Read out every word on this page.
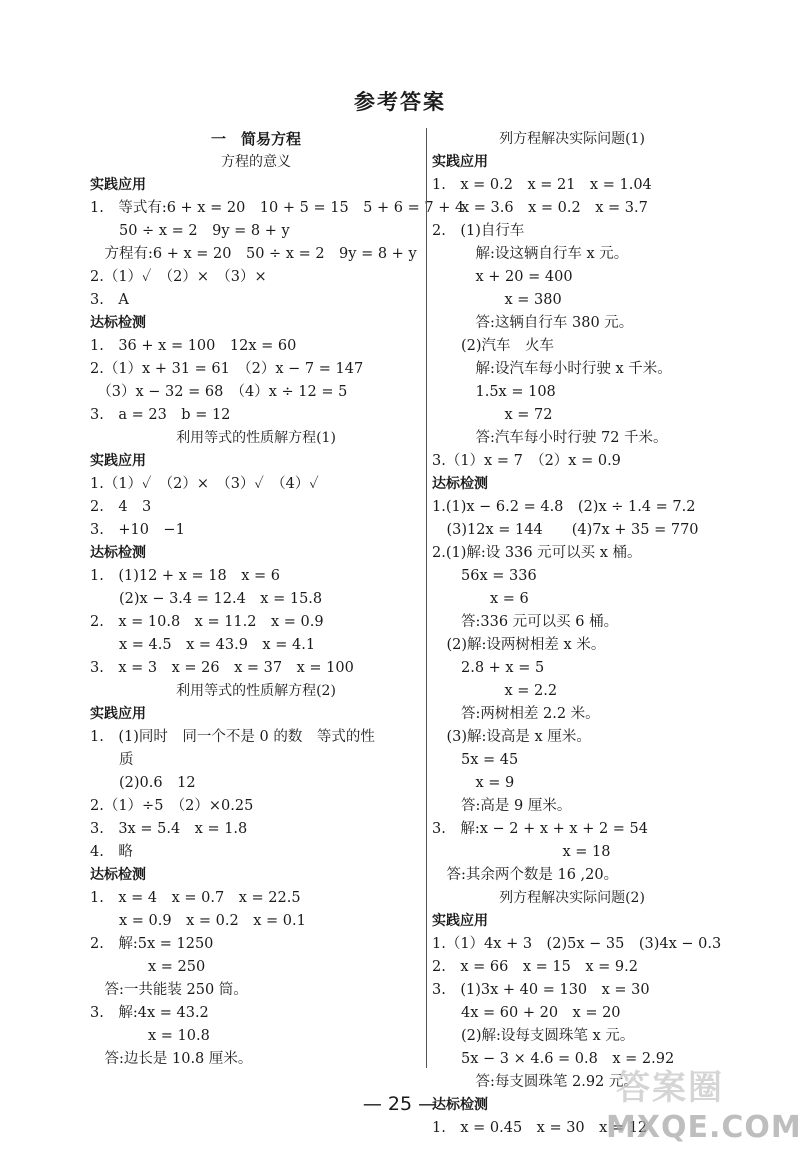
参考答案
一　简易方程
方程的意义
实践应用
1.　等式有:6 + x = 20　10 + 5 = 15　5 + 6 = 7 + 4
　　50 ÷ x = 2　9y = 8 + y
　方程有:6 + x = 20　50 ÷ x = 2　9y = 8 + y
2.（1）✓　（2）×　（3）×
3.　A
达标检测
1.　36 + x = 100　12x = 60
2.（1）x + 31 = 61　（2）x − 7 = 147
　（3）x − 32 = 68　（4）x ÷ 12 = 5
3.　a = 23　b = 12
利用等式的性质解方程(1)
实践应用
1.（1）✓　（2）×　（3）✓　（4）✓
2.　4　3
3.　+10　−1
达标检测
1.　(1)12 + x = 18　x = 6
　　(2)x − 3.4 = 12.4　x = 15.8
2.　x = 10.8　x = 11.2　x = 0.9
　　x = 4.5　x = 43.9　x = 4.1
3.　x = 3　x = 26　x = 37　x = 100
利用等式的性质解方程(2)
实践应用
1.　(1)同时　同一个不是 0 的数　等式的性
　　质
　　(2)0.6　12
2.（1）÷5　（2）×0.25
3.　3x = 5.4　x = 1.8
4.　略
达标检测
1.　x = 4　x = 0.7　x = 22.5
　　x = 0.9　x = 0.2　x = 0.1
2.　解:5x = 1250
　　　　x = 250
　答:一共能装 250 筒。
3.　解:4x = 43.2
　　　　x = 10.8
　答:边长是 10.8 厘米。
列方程解决实际问题(1)
实践应用
1.　x = 0.2　x = 21　x = 1.04
　　x = 3.6　x = 0.2　x = 3.7
2.　(1)自行车
　　　解:设这辆自行车 x 元。
　　　x + 20 = 400
　　　　　x = 380
　　　答:这辆自行车 380 元。
　　(2)汽车　火车
　　　解:设汽车每小时行驶 x 千米。
　　　1.5x = 108
　　　　　x = 72
　　　答:汽车每小时行驶 72 千米。
3.（1）x = 7　（2）x = 0.9
达标检测
1.(1)x − 6.2 = 4.8　(2)x ÷ 1.4 = 7.2
　(3)12x = 144　　(4)7x + 35 = 770
2.(1)解:设 336 元可以买 x 桶。
　　56x = 336
　　　　x = 6
　　答:336 元可以买 6 桶。
　(2)解:设两树相差 x 米。
　　2.8 + x = 5
　　　　　x = 2.2
　　答:两树相差 2.2 米。
　(3)解:设高是 x 厘米。
　　5x = 45
　　　x = 9
　　答:高是 9 厘米。
3.　解:x − 2 + x + x + 2 = 54
　　　　　　　　　x = 18
　答:其余两个数是 16 ,20。
列方程解决实际问题(2)
实践应用
1.（1）4x + 3　(2)5x − 35　(3)4x − 0.3
2.　x = 66　x = 15　x = 9.2
3.　(1)3x + 40 = 130　x = 30
　　4x = 60 + 20　x = 20
　　(2)解:设每支圆珠笔 x 元。
　　5x − 3 × 4.6 = 0.8　x = 2.92
　　　答:每支圆珠笔 2.92 元。
达标检测
1.　x = 0.45　x = 30　x = 12
— 25 —	答案圈
MXQE.COM
